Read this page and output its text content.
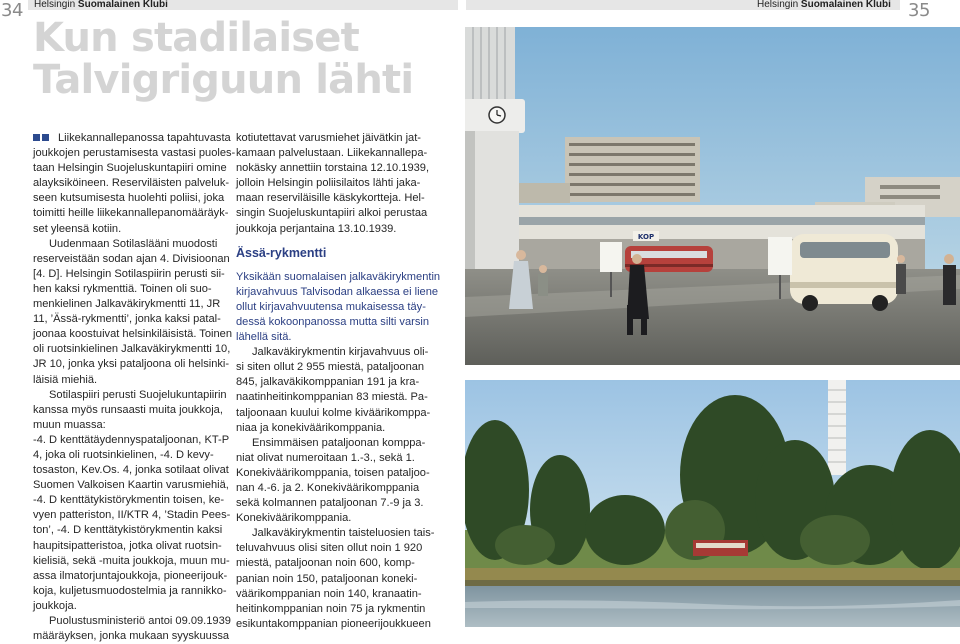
34	35
Helsingin Suomalainen Klubi	Helsingin Suomalainen Klubi
Kun stadilaiset
Talvigriguun lähti
Liikekannallepanossa tapahtuvasta
joukkojen perustamisesta vastasi puoles-
taan Helsingin Suojeluskuntapiiri omine
alayksiköineen. Reserviläisten palveluk-
seen kutsumisesta huolehti poliisi, joka
toimitti heille liikekannallepanomääräyk-
set yleensä kotiin.
Uudenmaan Sotilaslääni muodosti
reserveistään sodan ajan 4. Divisioonan
[4. D]. Helsingin Sotilaspiirin perusti sii-
hen kaksi rykmenttiä. Toinen oli suo-
menkielinen Jalkaväkirykmentti 11, JR
11, ’Ässä-rykmentti’, jonka kaksi patal-
joonaa koostuivat helsinkiläisistä. Toinen
oli ruotsinkielinen Jalkaväkirykmentti 10,
JR 10, jonka yksi pataljoona oli helsinki-
läisiä miehiä.
Sotilaspiiri perusti Suojelukuntapiirin
kanssa myös runsaasti muita joukkoja,
muun muassa:
-4. D kenttätäydennyspataljoonan, KT-P
4, joka oli ruotsinkielinen, -4. D kevy-
tosaston, Kev.Os. 4, jonka sotilaat olivat
Suomen Valkoisen Kaartin varusmiehiä,
-4. D kenttätykistörykmentin toisen, ke-
vyen patteriston, II/KTR 4, ’Stadin Pees-
ton’, -4. D kenttätykistörykmentin kaksi
haupitsipatteristoa, jotka olivat ruotsin-
kielisiä, sekä -muita joukkoja, muun mu-
assa ilmatorjuntajoukkoja, pioneerijouk-
koja, kuljetusmuodostelmia ja rannikko-
joukkoja.
Puolustusministeriö antoi 09.09.1939
määräyksen, jonka mukaan syyskuussa
kotiutettavat varusmiehet jäivätkin jat-
kamaan palvelustaan. Liikekannallepa-
nokäsky annettiin torstaina 12.10.1939,
jolloin Helsingin poliisilaitos lähti jaka-
maan reserviläisille käskykortteja. Hel-
singin Suojeluskuntapiiri alkoi perustaa
joukkoja perjantaina 13.10.1939.
Ässä-rykmentti
Yksikään suomalaisen jalkaväkirykmentin
kirjavahvuus Talvisodan alkaessa ei liene
ollut kirjavahvuutensa mukaisessa täy-
dessä kokoonpanossa mutta silti varsin
lähellä sitä.
Jalkaväkirykmentin kirjavahvuus oli-
si siten ollut 2 955 miestä, pataljoonan
845, jalkaväkikomppanian 191 ja kra-
naatinheitinkomppanian 83 miestä. Pa-
taljoonaan kuului kolme kiväärikomppa-
niaa ja konekiväärikomppania.
Ensimmäisen pataljoonan komppa-
niat olivat numeroitaan 1.-3., sekä 1.
Konekiväärikomppania, toisen pataljoo-
nan 4.-6. ja 2. Konekiväärikomppania
sekä kolmannen pataljoonan 7.-9 ja 3.
Konekiväärikomppania.
Jalkaväkirykmentin taisteluosien tais-
teluvahvuus olisi siten ollut noin 1 920
miestä, pataljoonan noin 600, komp-
panian noin 150, pataljoonan koneki-
väärikomppanian noin 140, kranaatin-
heitinkomppanian noin 75 ja rykmentin
esikuntakomppanian pioneerijoukkueen
KOP
